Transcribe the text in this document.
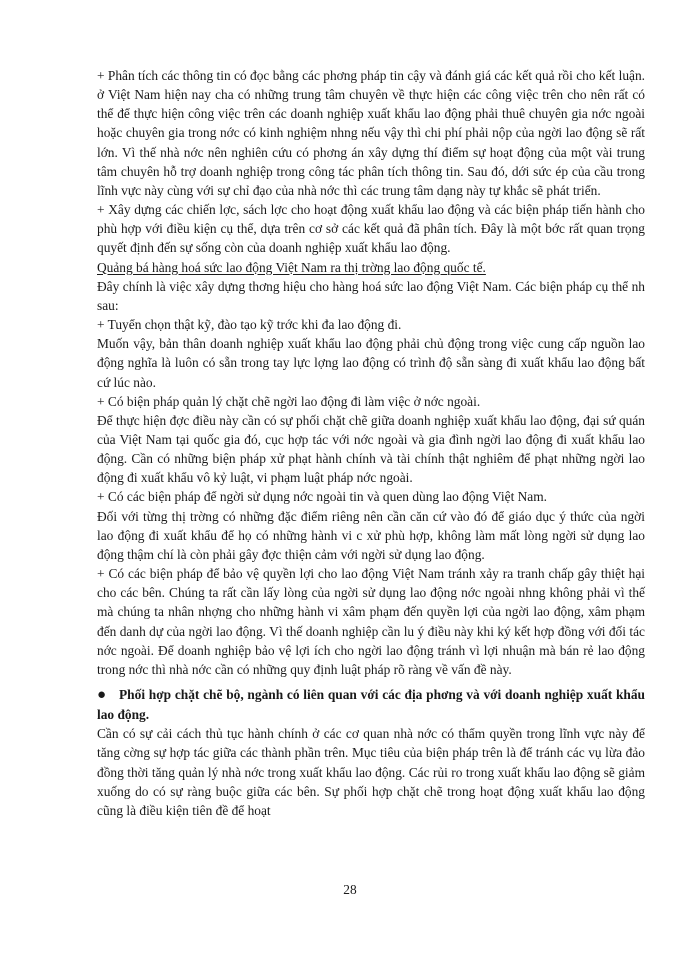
+ Phân tích các thông tin có đọc bằng các phơng pháp tin cậy và đánh giá các kết quả rồi cho kết luận. ở Việt Nam hiện nay cha có những trung tâm chuyên về thực hiện các công việc trên cho nên rất có thể để thực hiện công việc trên các doanh nghiệp xuất khẩu lao động phải thuê chuyên gia nớc ngoài hoặc chuyên gia trong nớc có kinh nghiệm nhng nếu vậy thì chi phí phải nộp của ngời lao động sẽ rất lớn. Vì thế nhà nớc nên nghiên cứu có phơng án xây dựng thí điểm sự hoạt động của một vài trung tâm chuyên hỗ trợ doanh nghiệp trong công tác phân tích thông tin. Sau đó, dới sức ép của cầu trong lĩnh vực này cùng với sự chỉ đạo của nhà nớc thì các trung tâm dạng này tự khắc sẽ phát triển.

+ Xây dựng các chiến lợc, sách lợc cho hoạt động xuất khẩu lao động và các biện pháp tiến hành cho phù hợp với điều kiện cụ thể, dựa trên cơ sở các kết quả đã phân tích. Đây là một bớc rất quan trọng quyết định đến sự sống còn của doanh nghiệp xuất khẩu lao động.

Quảng bá hàng hoá sức lao động Việt Nam ra thị trờng lao động quốc tế.

Đây chính là việc xây dựng thơng hiệu cho hàng hoá sức lao động Việt Nam. Các biện pháp cụ thể nh sau:

+ Tuyển chọn thật kỹ, đào tạo kỹ trớc khi đa lao động đi.

Muốn vậy, bản thân doanh nghiệp xuất khẩu lao động phải chủ động trong việc cung cấp nguồn lao động nghĩa là luôn có sẵn trong tay lực lợng lao động có trình độ sẵn sàng đi xuất khẩu lao động bất cứ lúc nào.

+ Có biện pháp quản lý chặt chẽ ngời lao động đi làm việc ở nớc ngoài.

Để thực hiện đợc điều này cần có sự phối chặt chẽ giữa doanh nghiệp xuất khẩu lao động, đại sứ quán của Việt Nam tại quốc gia đó, cục hợp tác với nớc ngoài và gia đình ngời lao động đi xuất khẩu lao động. Cần có những biện pháp xử phạt hành chính và tài chính thật nghiêm để phạt những ngời lao động đi xuất khẩu vô kỷ luật, vi phạm luật pháp nớc ngoài.

+ Có các biện pháp để ngời sử dụng nớc ngoài tin và quen dùng lao động Việt Nam.

Đối với từng thị trờng có những đặc điểm riêng nên cần căn cứ vào đó để giáo dục ý thức của ngời lao động đi xuất khẩu để họ có những hành vi c xử phù hợp, không làm mất lòng ngời sử dụng lao động thậm chí là còn phải gây đợc thiện cảm với ngời sử dụng lao động.

+ Có các biện pháp để bảo vệ quyền lợi cho lao động Việt Nam tránh xảy ra tranh chấp gây thiệt hại cho các bên. Chúng ta rất cần lấy lòng của ngời sử dụng lao động nớc ngoài nhng không phải vì thế mà chúng ta nhân nhợng cho những hành vi xâm phạm đến quyền lợi của ngời lao động, xâm phạm đến danh dự của ngời lao động. Vì thế doanh nghiệp cần lu ý điều này khi ký kết hợp đồng với đối tác nớc ngoài. Để doanh nghiệp bảo vệ lợi ích cho ngời lao động tránh vì lợi nhuận mà bán rẻ lao động trong nớc thì nhà nớc cần có những quy định luật pháp rõ ràng về vấn đề này.

● Phối hợp chặt chẽ bộ, ngành có liên quan với các địa phơng và với doanh nghiệp xuất khẩu lao động.

Cần có sự cải cách thủ tục hành chính ở các cơ quan nhà nớc có thẩm quyền trong lĩnh vực này để tăng cờng sự hợp tác giữa các thành phần trên. Mục tiêu của biện pháp trên là để tránh các vụ lừa đảo đồng thời tăng quản lý nhà nớc trong xuất khẩu lao động. Các rủi ro trong xuất khẩu lao động sẽ giảm xuống do có sự ràng buộc giữa các bên. Sự phối hợp chặt chẽ trong hoạt động xuất khẩu lao động cũng là điều kiện tiên đề để hoạt

28
